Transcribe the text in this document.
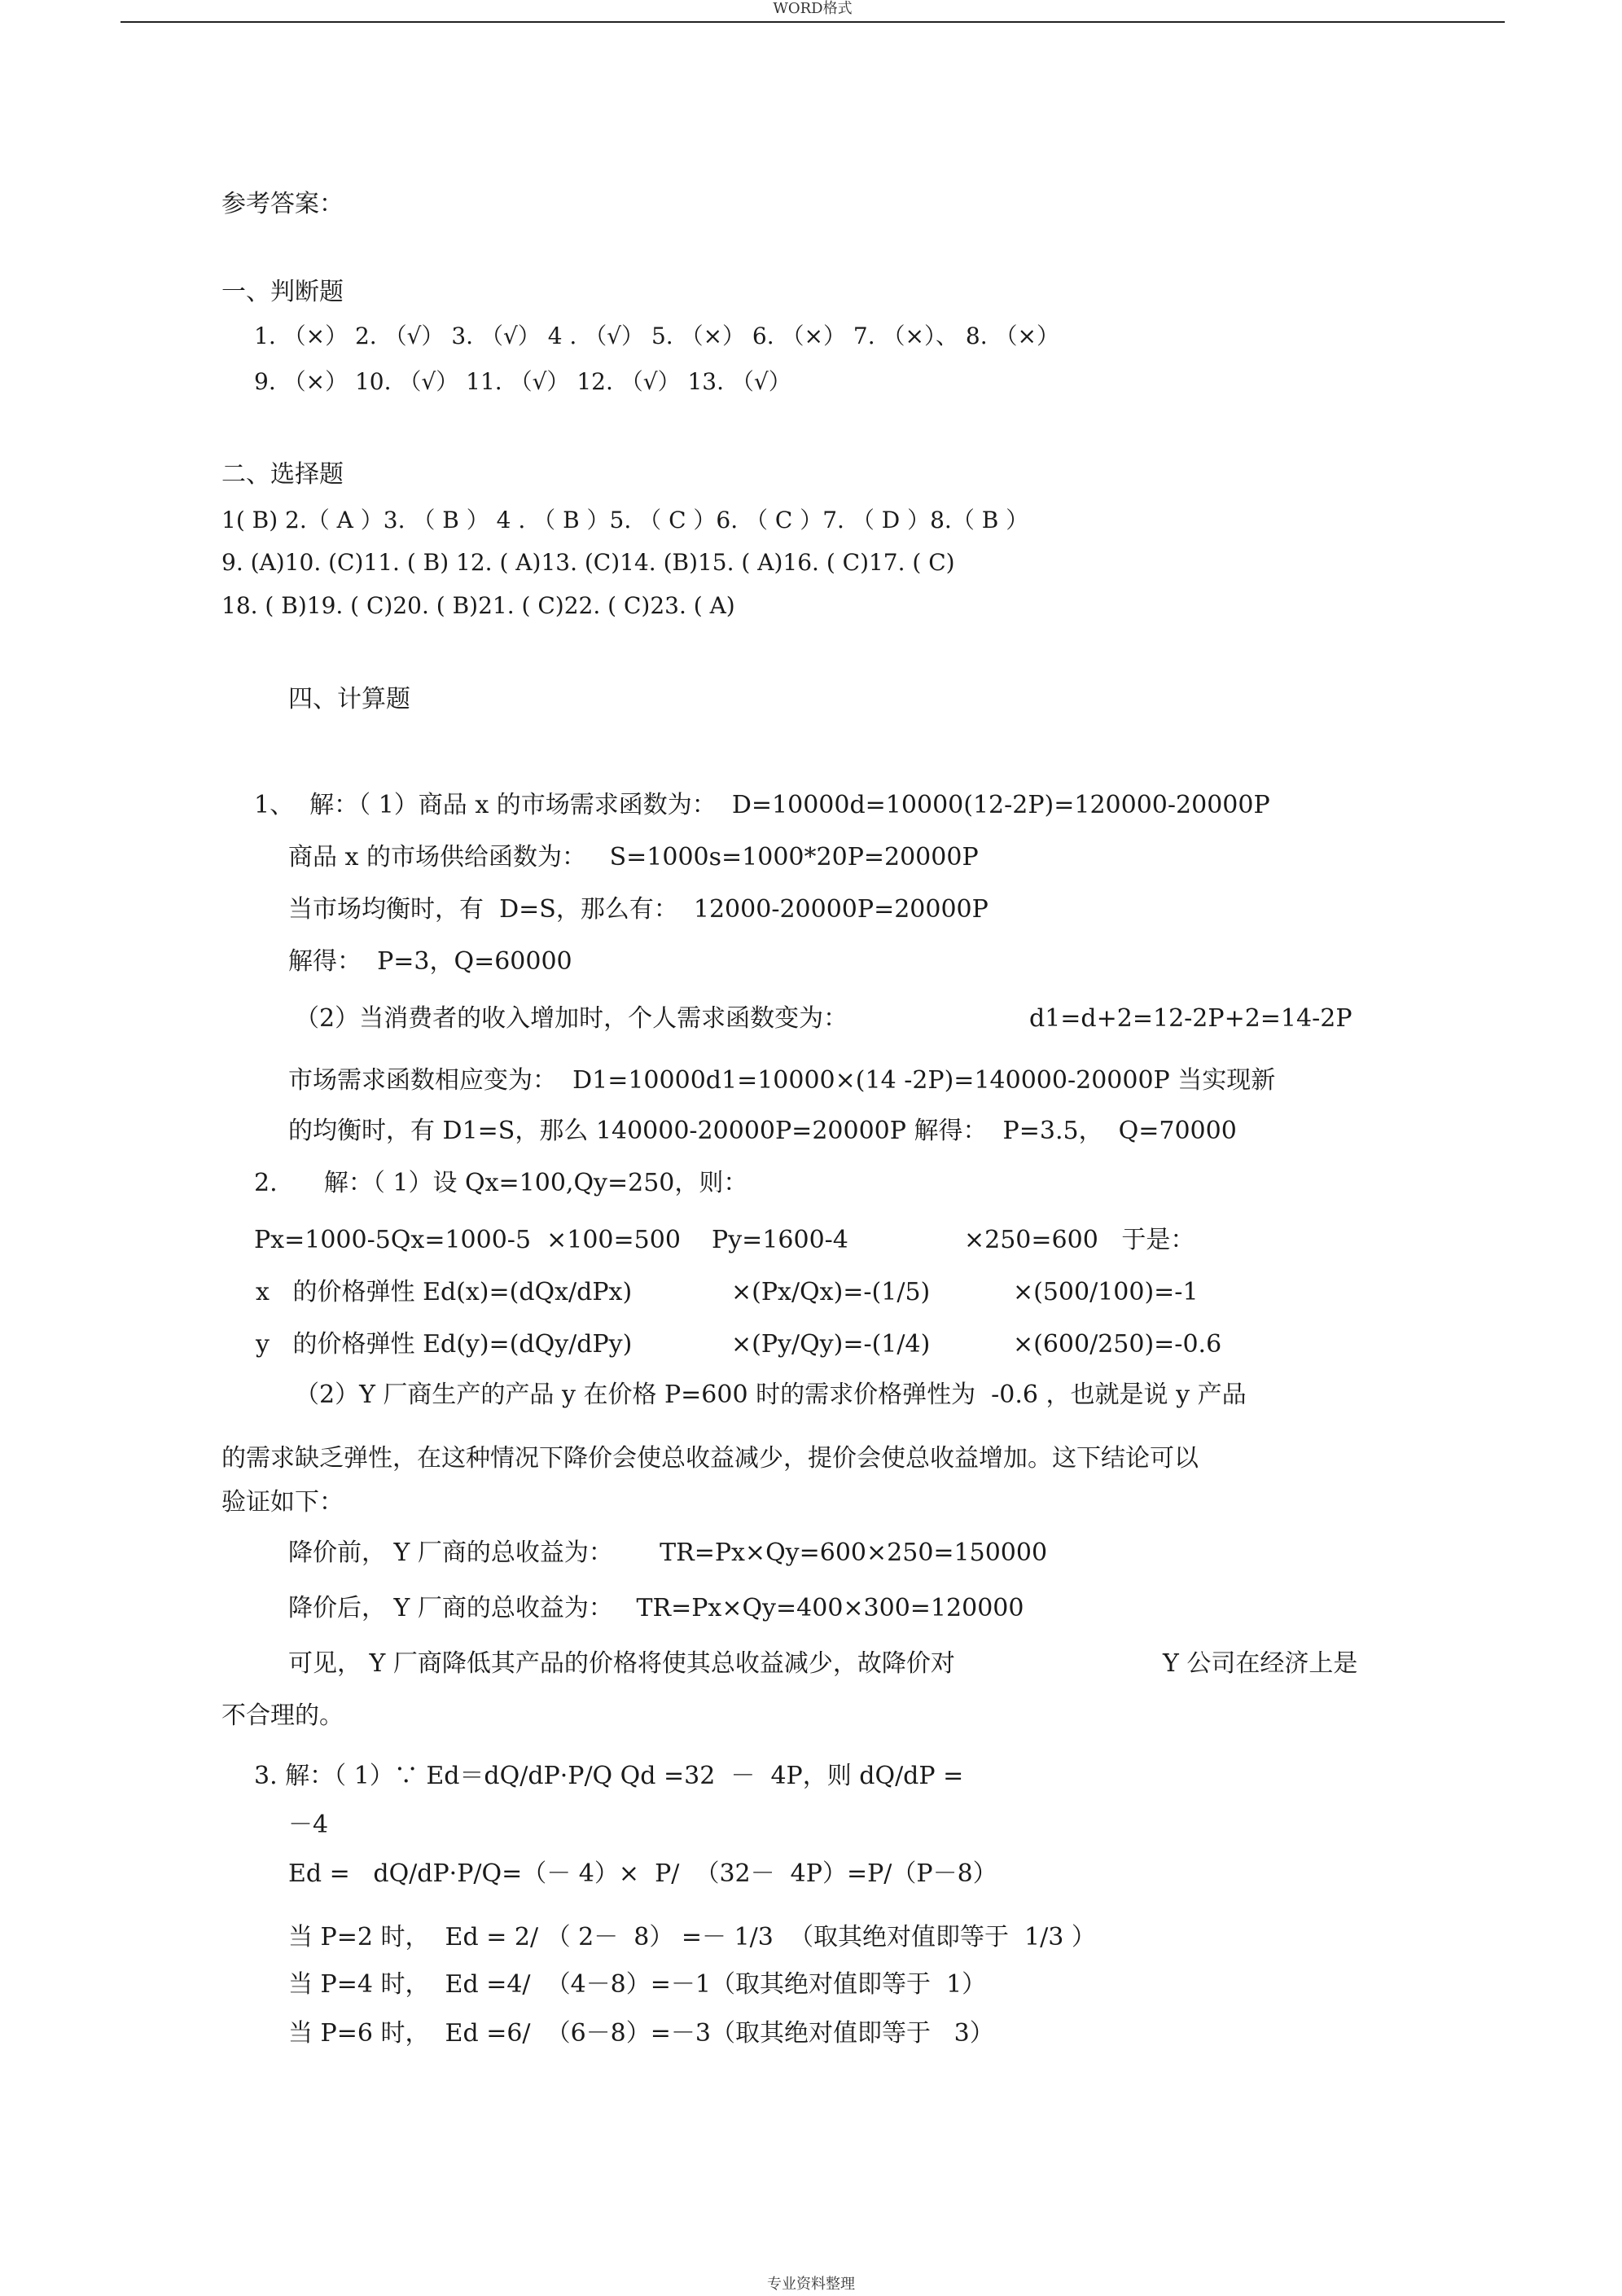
WORD格式
参考答案：
一、判断题
1. （×） 2. （√） 3. （√） 4 . （√） 5. （×） 6. （×） 7. （×）、 8. （×）
9. （×） 10. （√） 11. （√） 12. （√） 13. （√）
二、选择题
1( B) 2.（ A ）3. （ B ） 4 . （ B ）5. （ C ）6. （ C ）7. （ D ）8.（ B ）
9. (A)10. (C)11. ( B) 12. ( A)13. (C)14. (B)15. ( A)16. ( C)17. ( C)
18. ( B)19. ( C)20. ( B)21. ( C)22. ( C)23. ( A)
四、计算题
1、  解：（ 1）商品 x 的市场需求函数为：  D=10000d=10000(12-2P)=120000-20000P
商品 x 的市场供给函数为：   S=1000s=1000*20P=20000P
当市场均衡时，有  D=S，那么有：  12000-20000P=20000P
解得：  P=3，Q=60000
（2）当消费者的收入增加时，个人需求函数变为：	d1=d+2=12-2P+2=14-2P
市场需求函数相应变为：  D1=10000d1=10000×(14 -2P)=140000-20000P 当实现新
的均衡时，有 D1=S，那么 140000-20000P=20000P 解得：  P=3.5，  Q=70000
2.      解：（ 1）设 Qx=100,Qy=250，则：
Px=1000-5Qx=1000-5  ×100=500    Py=1600-4	×250=600   于是：
x   的价格弹性 Ed(x)=(dQx/dPx)	×(Px/Qx)=-(1/5)	×(500/100)=-1
y   的价格弹性 Ed(y)=(dQy/dPy)	×(Py/Qy)=-(1/4)	×(600/250)=-0.6
（2）Y 厂商生产的产品 y 在价格 P=600 时的需求价格弹性为  -0.6 ，也就是说 y 产品
的需求缺乏弹性，在这种情况下降价会使总收益减少，提价会使总收益增加。这下结论可以
验证如下：
降价前， Y 厂商的总收益为：      TR=Px×Qy=600×250=150000
降价后， Y 厂商的总收益为：   TR=Px×Qy=400×300=120000
可见， Y 厂商降低其产品的价格将使其总收益减少，故降价对	Y 公司在经济上是
不合理的。
3. 解：（ 1）∵ Ed＝dQ/dP·P/Q Qd =32  －  4P，则 dQ/dP =
－4
Ed =   dQ/dP·P/Q=（－ 4）×  P/  （32－  4P）=P/（P－8）
当 P=2 时，  Ed = 2/ （ 2－  8） =－ 1/3  （取其绝对值即等于  1/3 ）
当 P=4 时，  Ed =4/  （4－8）=－1（取其绝对值即等于  1）
当 P=6 时，  Ed =6/  （6－8）=－3（取其绝对值即等于   3）
专业资料整理
